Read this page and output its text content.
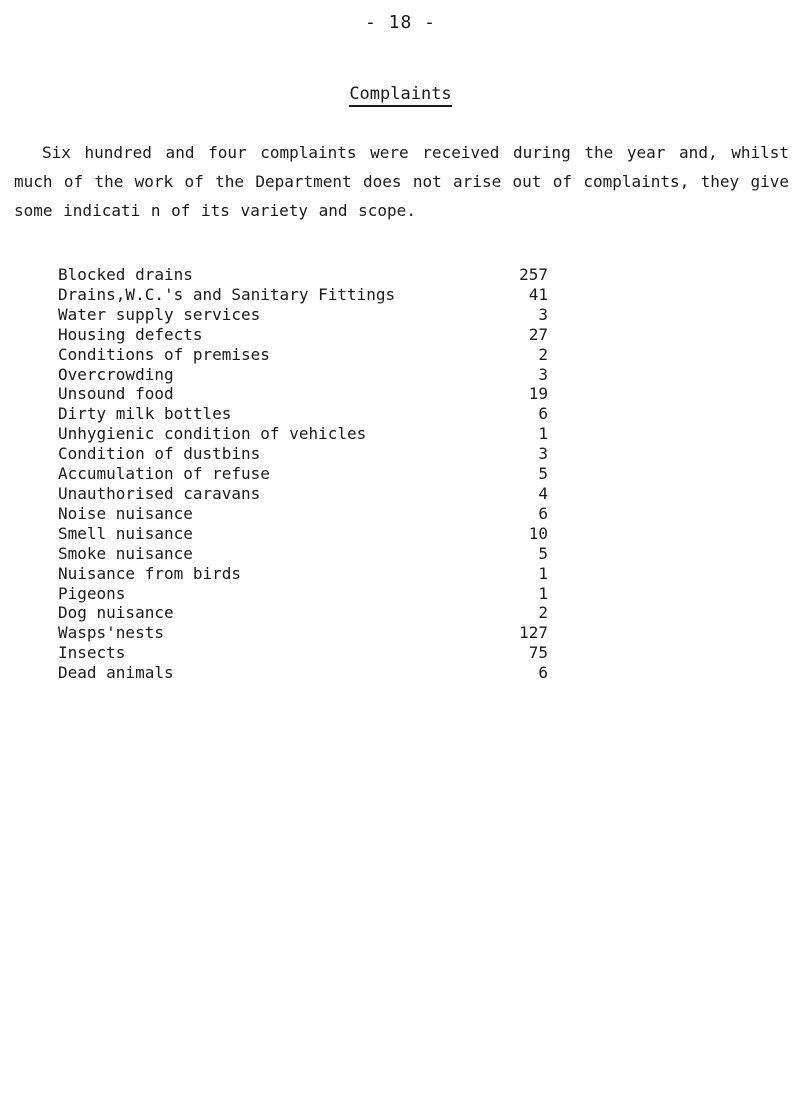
- 18 -
Complaints

Six hundred and four complaints were received during the year and, whilst much of the work of the Department does not arise out of complaints, they give some indicati n of its variety and scope.

Blocked drains	257
Drains,W.C.'s and Sanitary Fittings	41
Water supply services	3
Housing defects	27
Conditions of premises	2
Overcrowding	3
Unsound food	19
Dirty milk bottles	6
Unhygienic condition of vehicles	1
Condition of dustbins	3
Accumulation of refuse	5
Unauthorised caravans	4
Noise nuisance	6
Smell nuisance	10
Smoke nuisance	5
Nuisance from birds	1
Pigeons	1
Dog nuisance	2
Wasps'nests	127
Insects	75
Dead animals	6
